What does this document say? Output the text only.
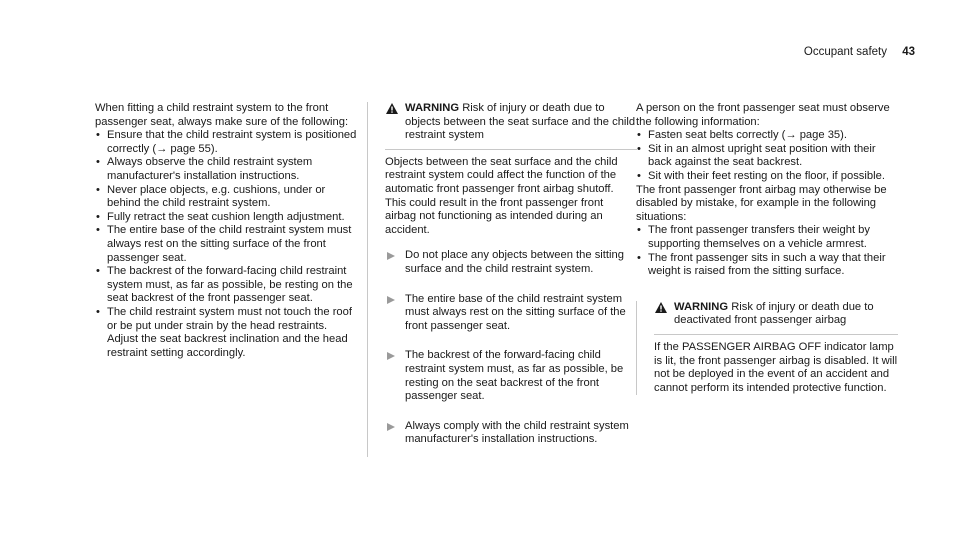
Occupant safety 43

When fitting a child restraint system to the front passenger seat, always make sure of the following:

• Ensure that the child restraint system is positioned correctly (→ page 55).
• Always observe the child restraint system manufacturer's installation instructions.
• Never place objects, e.g. cushions, under or behind the child restraint system.
• Fully retract the seat cushion length adjustment.
• The entire base of the child restraint system must always rest on the sitting surface of the front passenger seat.
• The backrest of the forward-facing child restraint system must, as far as possible, be resting on the seat backrest of the front passenger seat.
• The child restraint system must not touch the roof or be put under strain by the head restraints. Adjust the seat backrest inclination and the head restraint setting accordingly.
WARNING Risk of injury or death due to objects between the seat surface and the child restraint system

Objects between the seat surface and the child restraint system could affect the function of the automatic front passenger front airbag shutoff.

This could result in the front passenger front airbag not functioning as intended during an accident.

Do not place any objects between the sitting surface and the child restraint system.
The entire base of the child restraint system must always rest on the sitting surface of the front passenger seat.
The backrest of the forward-facing child restraint system must, as far as possible, be resting on the seat backrest of the front passenger seat.
Always comply with the child restraint system manufacturer's installation instructions.

A person on the front passenger seat must observe the following information:

• Fasten seat belts correctly (→ page 35).
• Sit in an almost upright seat position with their back against the seat backrest.
• Sit with their feet resting on the floor, if possible.

The front passenger front airbag may otherwise be disabled by mistake, for example in the following situations:

• The front passenger transfers their weight by supporting themselves on a vehicle armrest.
• The front passenger sits in such a way that their weight is raised from the sitting surface.
WARNING Risk of injury or death due to deactivated front passenger airbag

If the PASSENGER AIRBAG OFF indicator lamp is lit, the front passenger airbag is disabled. It will not be deployed in the event of an accident and cannot perform its intended protective function.
